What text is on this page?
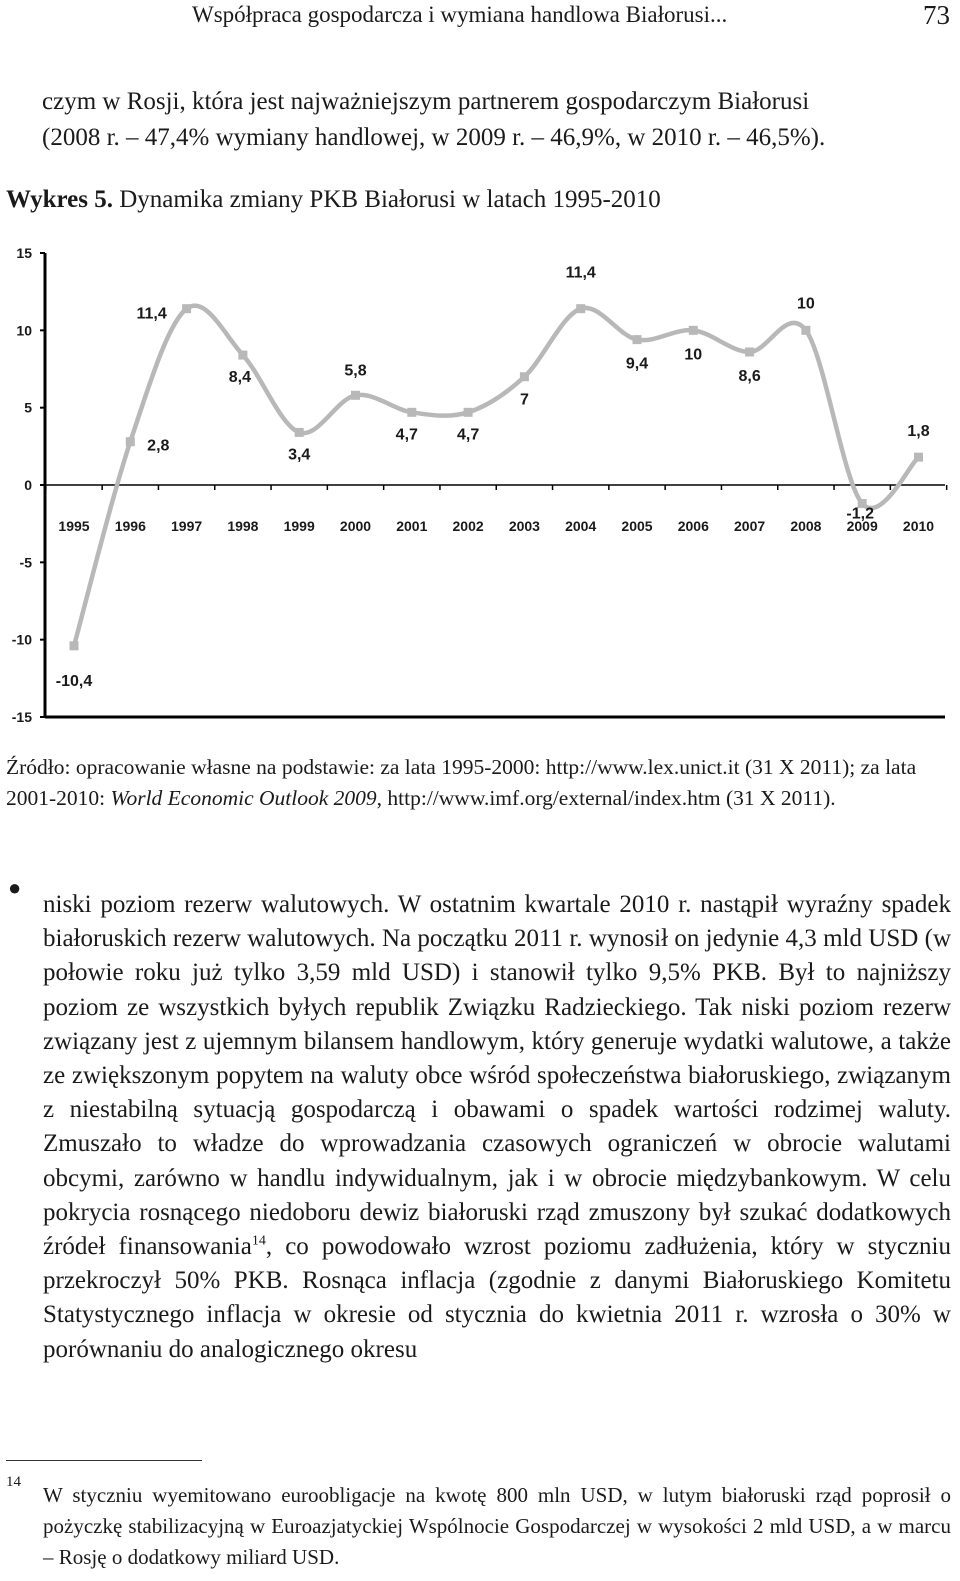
Współpraca gospodarcza i wymiana handlowa Białorusi...	73
czym w Rosji, która jest najważniejszym partnerem gospodarczym Białorusi
(2008 r. – 47,4% wymiany handlowej, w 2009 r. – 46,9%, w 2010 r. – 46,5%).
Wykres 5. Dynamika zmiany PKB Białorusi w latach 1995-2010
15
10
5
0
-5
-10
-15
1995 1996 1997 1998 1999 2000 2001 2002 2003 2004 2005 2006 2007 2008 2009 2010
-10,4
2,8
11,4
8,4
3,4
5,8
4,7 4,7
7
11,4
9,4
10
8,6
10
-1,2
1,8
Źródło: opracowanie własne na podstawie: za lata 1995-2000: http://www.lex.unict.it (31 X 2011); za lata 2001-2010: World Economic Outlook 2009, http://www.imf.org/external/index.htm (31 X 2011).
●
niski poziom rezerw walutowych. W ostatnim kwartale 2010 r. nastąpił wyraźny spadek białoruskich rezerw walutowych. Na początku 2011 r. wynosił on jedynie 4,3 mld USD (w połowie roku już tylko 3,59 mld USD) i stanowił tylko 9,5% PKB. Był to najniższy poziom ze wszystkich byłych republik Związku Radzieckiego. Tak niski poziom rezerw związany jest z ujemnym bilansem handlowym, który generuje wydatki walutowe, a także ze zwiększonym popytem na waluty obce wśród społeczeństwa białoruskiego, związanym z niestabilną sytuacją gospodarczą i obawami o spadek wartości rodzimej waluty. Zmuszało to władze do wprowadzania czasowych ograniczeń w obrocie walutami obcymi, zarówno w handlu indywidualnym, jak i w obrocie międzybankowym. W celu pokrycia rosnącego niedoboru dewiz białoruski rząd zmuszony był szukać dodatkowych źródeł finansowania$^{14}$, co powodowało wzrost poziomu zadłużenia, który w styczniu przekroczył 50% PKB. Rosnąca inflacja (zgodnie z danymi Białoruskiego Komitetu Statystycznego inflacja w okresie od stycznia do kwietnia 2011 r. wzrosła o 30% w porównaniu do analogicznego okresu
14
W styczniu wyemitowano euroobligacje na kwotę 800 mln USD, w lutym białoruski rząd poprosił o pożyczkę stabilizacyjną w Euroazjatyckiej Wspólnocie Gospodarczej w wysokości 2 mld USD, a w marcu – Rosję o dodatkowy miliard USD.
